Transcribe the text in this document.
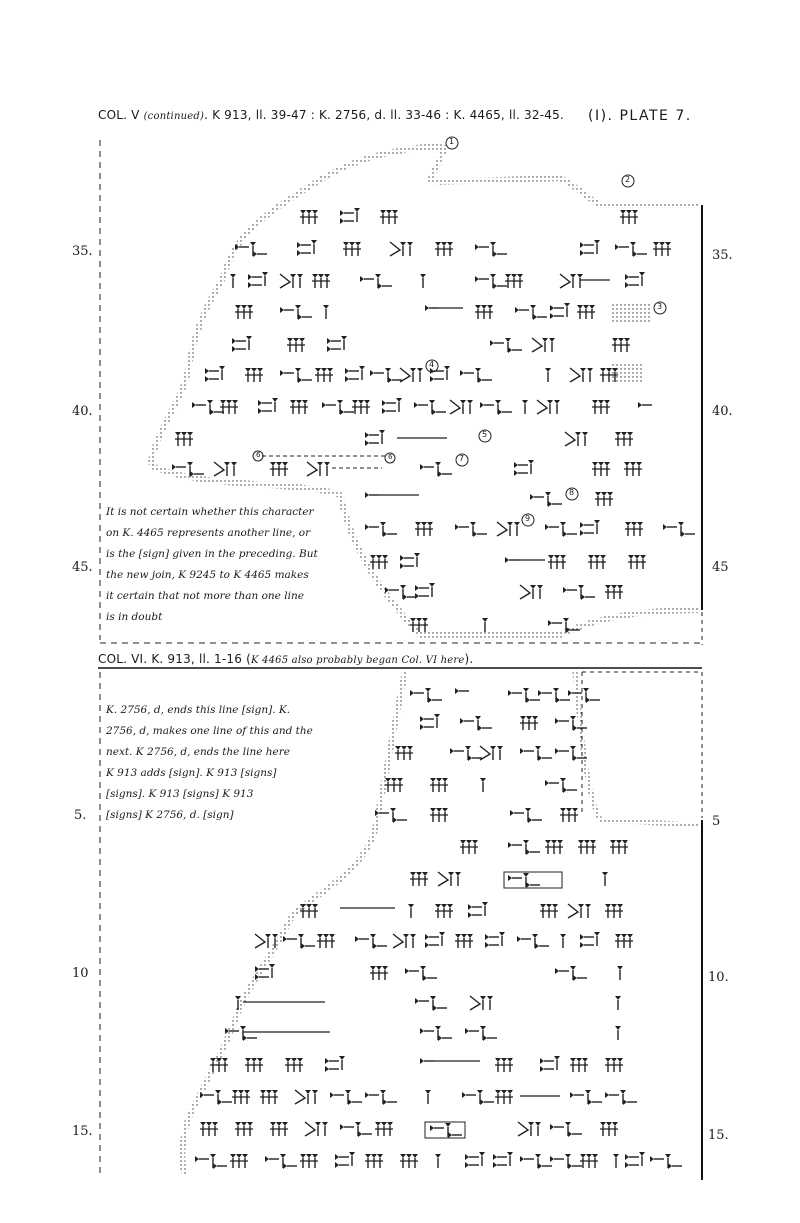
COL. V (continued). K 913, ll. 39-47 : K. 2756, d. ll. 33-46 : K. 4465, ll. 32-45. (I). PLATE 7.
35.
40.
45.
35.
40.
45
1
2
3
4
5
6	6	7
8
9
It is not certain whether this character
on K. 4465 represents another line, or
is the [sign] given in the preceding. But
the new join, K 9245 to K 4465 makes
it certain that not more than one line
is in doubt
COL. VI. K. 913, ll. 1-16 (K 4465 also probably began Col. VI here).
K. 2756, d, ends this line [sign]. K.
2756, d, makes one line of this and the
next. K 2756, d, ends the line here
K 913 adds [sign]. K 913 [signs]
[signs]. K 913 [signs] K 913
[signs] K 2756, d. [sign]
5.
10
15.
5
10.
15.
